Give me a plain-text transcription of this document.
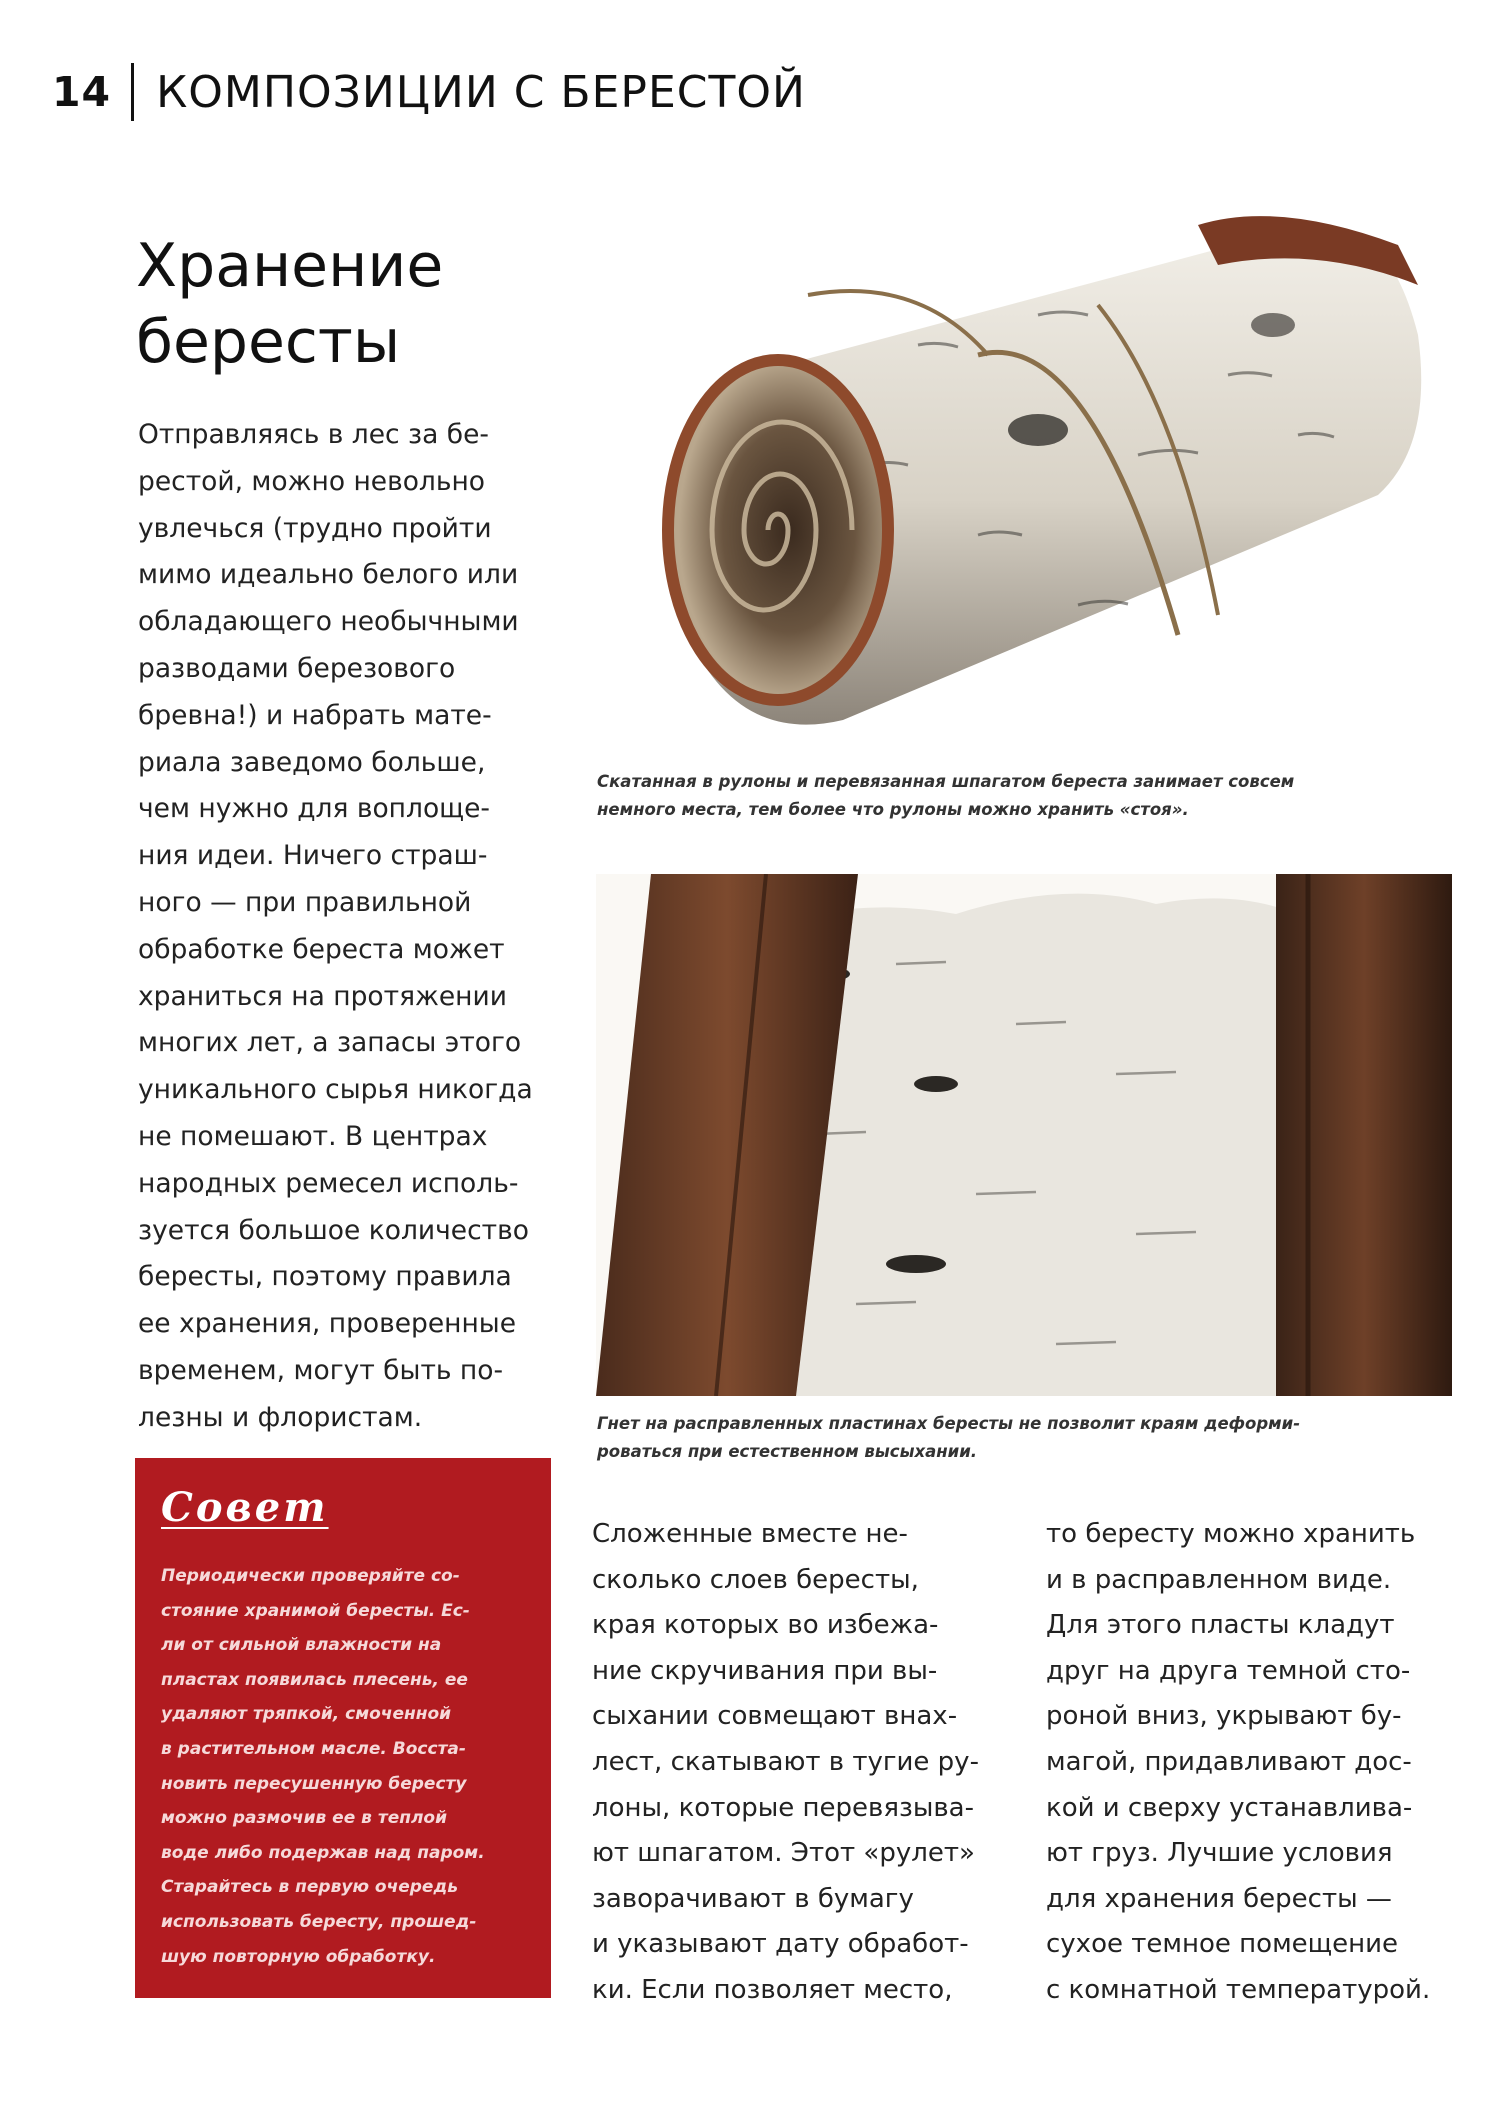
14 КОМПОЗИЦИИ С БЕРЕСТОЙ
Хранение
бересты

Отправляясь в лес за бе-
рестой, можно невольно
увлечься (трудно пройти
мимо идеально белого или
обладающего необычными
разводами березового
бревна!) и набрать мате-
риала заведомо больше,
чем нужно для воплоще-
ния идеи. Ничего страш-
ного — при правильной
обработке береста может
храниться на протяжении
многих лет, а запасы этого
уникального сырья никогда
не помешают. В центрах
народных ремесел исполь-
зуется большое количество
бересты, поэтому правила
ее хранения, проверенные
временем, могут быть по-
лезны и флористам.

Скатанная в рулоны и перевязанная шпагатом береста занимает совсем
немного места, тем более что рулоны можно хранить «стоя».

Гнет на расправленных пластинах бересты не позволит краям деформи-
роваться при естественном высыхании.

Совет

Периодически проверяйте со-
стояние хранимой бересты. Ес-
ли от сильной влажности на
пластах появилась плесень, ее
удаляют тряпкой, смоченной
в растительном масле. Восста-
новить пересушенную бересту
можно размочив ее в теплой
воде либо подержав над паром.
Старайтесь в первую очередь
использовать бересту, прошед-
шую повторную обработку.

Сложенные вместе не-
сколько слоев бересты,
края которых во избежа-
ние скручивания при вы-
сыхании совмещают внах-
лест, скатывают в тугие ру-
лоны, которые перевязыва-
ют шпагатом. Этот «рулет»
заворачивают в бумагу
и указывают дату обработ-
ки. Если позволяет место,

то бересту можно хранить
и в расправленном виде.
Для этого пласты кладут
друг на друга темной сто-
роной вниз, укрывают бу-
магой, придавливают дос-
кой и сверху устанавлива-
ют груз. Лучшие условия
для хранения бересты —
сухое темное помещение
с комнатной температурой.
